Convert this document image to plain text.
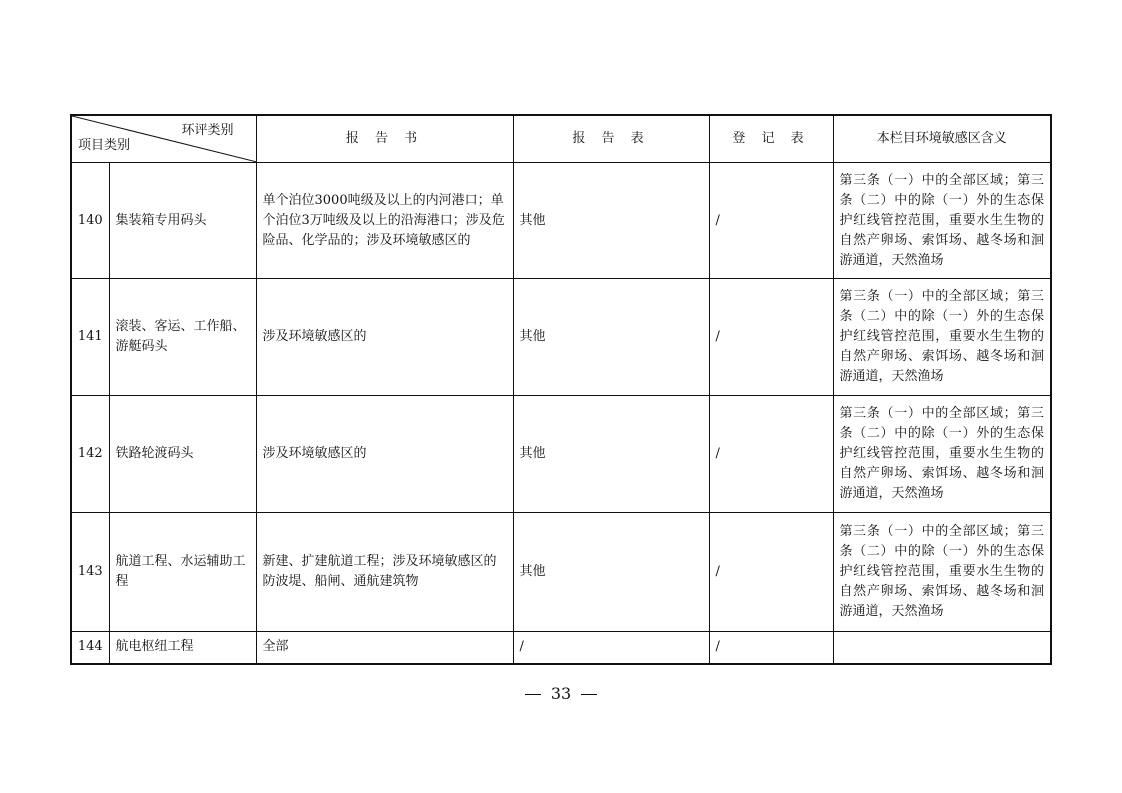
环评类别
项目类别		报 告 书	报 告 表	登 记 表	本栏目环境敏感区含义
140	集装箱专用码头	单个泊位3000吨级及以上的内河港口；单个泊位3万吨级及以上的沿海港口；涉及危险品、化学品的；涉及环境敏感区的	其他	/	第三条（一）中的全部区域；第三条（二）中的除（一）外的生态保护红线管控范围，重要水生生物的自然产卵场、索饵场、越冬场和洄游通道，天然渔场
141	滚装、客运、工作船、游艇码头	涉及环境敏感区的	其他	/	第三条（一）中的全部区域；第三条（二）中的除（一）外的生态保护红线管控范围，重要水生生物的自然产卵场、索饵场、越冬场和洄游通道，天然渔场
142	铁路轮渡码头	涉及环境敏感区的	其他	/	第三条（一）中的全部区域；第三条（二）中的除（一）外的生态保护红线管控范围，重要水生生物的自然产卵场、索饵场、越冬场和洄游通道，天然渔场
143	航道工程、水运辅助工程	新建、扩建航道工程；涉及环境敏感区的防波堤、船闸、通航建筑物	其他	/	第三条（一）中的全部区域；第三条（二）中的除（一）外的生态保护红线管控范围，重要水生生物的自然产卵场、索饵场、越冬场和洄游通道，天然渔场
144	航电枢纽工程	全部	/	/	
33
